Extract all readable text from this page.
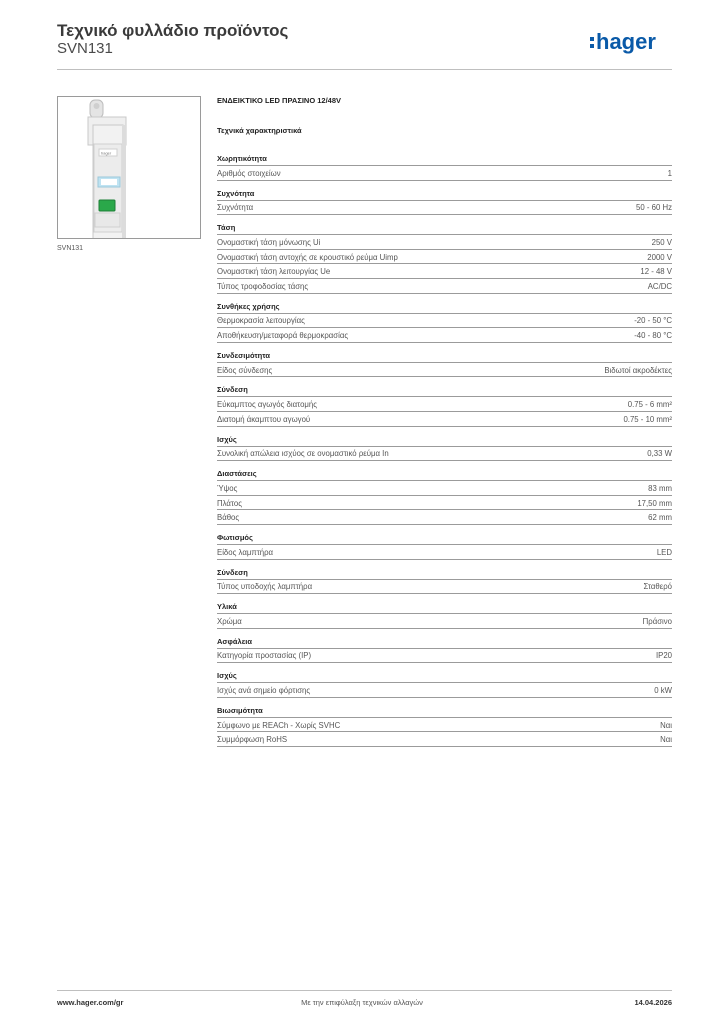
Τεχνικό φυλλάδιο προϊόντος
SVN131	hager
hager
SVN131
ΕΝΔΕΙΚΤΙΚΟ LED ΠΡΑΣΙΝΟ 12/48V
Τεχνικά χαρακτηριστικά
Χωρητικότητα
Αριθμός στοιχείων	1
Συχνότητα
Συχνότητα	50 - 60 Hz
Τάση
Ονομαστική τάση μόνωσης Ui	250 V
Ονομαστική τάση αντοχής σε κρουστικό ρεύμα Uimp	2000 V
Ονομαστική τάση λειτουργίας Ue	12 - 48 V
Τύπος τροφοδοσίας τάσης	AC/DC
Συνθήκες χρήσης
Θερμοκρασία λειτουργίας	-20 - 50 °C
Αποθήκευση/μεταφορά θερμοκρασίας	-40 - 80 °C
Συνδεσιμότητα
Είδος σύνδεσης	Βιδωτοί ακροδέκτες
Σύνδεση
Εύκαμπτος αγωγός διατομής	0.75 - 6 mm²
Διατομή άκαμπτου αγωγού	0.75 - 10 mm²
Ισχύς
Συνολική απώλεια ισχύος σε ονομαστικό ρεύμα In	0,33 W
Διαστάσεις
Ύψος	83 mm
Πλάτος	17,50 mm
Βάθος	62 mm
Φωτισμός
Είδος λαμπτήρα	LED
Σύνδεση
Τύπος υποδοχής λαμπτήρα	Σταθερό
Υλικά
Χρώμα	Πράσινο
Ασφάλεια
Κατηγορία προστασίας (IP)	IP20
Ισχύς
Ισχύς ανά σημείο φόρτισης	0 kW
Βιωσιμότητα
Σύμφωνο με REACh - Χωρίς SVHC	Ναι
Συμμόρφωση RoHS	Ναι
www.hager.com/gr	Με την επιφύλαξη τεχνικών αλλαγών	14.04.2026
